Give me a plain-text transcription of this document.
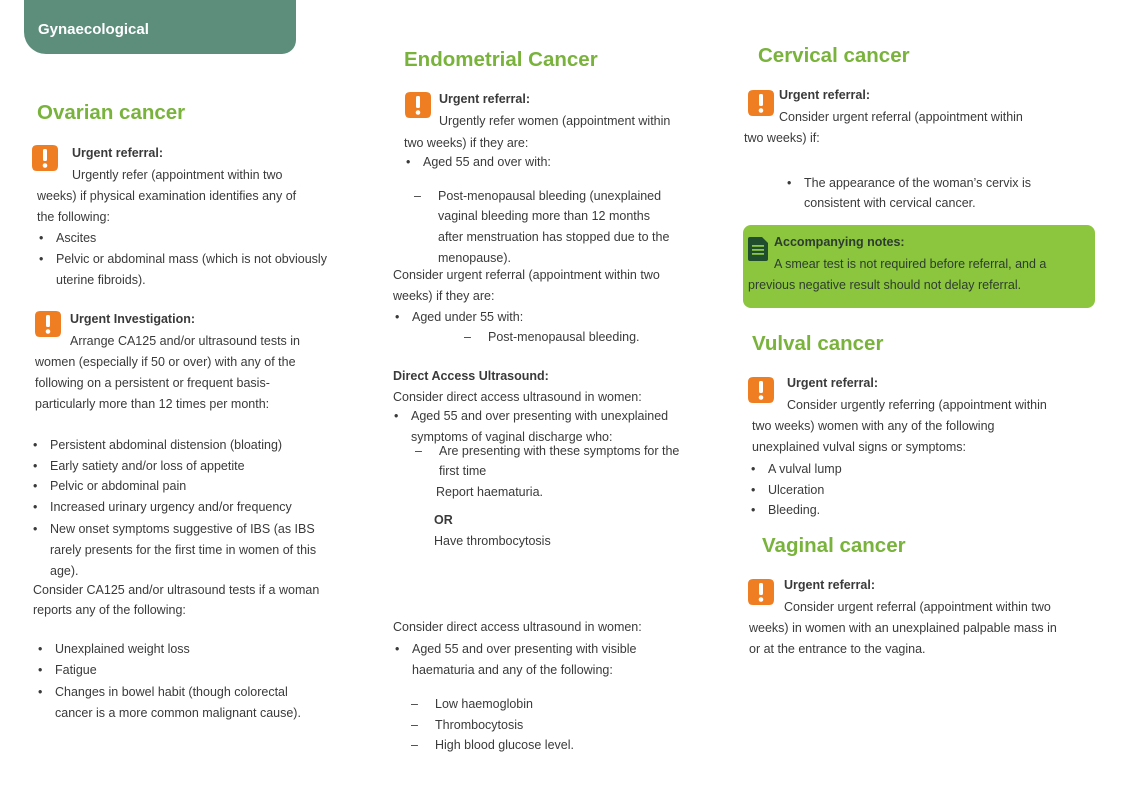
Gynaecological
Ovarian cancer
Urgent referral:
Urgently refer (appointment within two
weeks) if physical examination identifies any of
the following:
• Ascites
• Pelvic or abdominal mass (which is not obviously
uterine fibroids).
Urgent Investigation:
Arrange CA125 and/or ultrasound tests in
women (especially if 50 or over) with any of the
following on a persistent or frequent basis-
particularly more than 12 times per month:
• Persistent abdominal distension (bloating)
• Early satiety and/or loss of appetite
• Pelvic or abdominal pain
• Increased urinary urgency and/or frequency
• New onset symptoms suggestive of IBS (as IBS
rarely presents for the first time in women of this
age).
Consider CA125 and/or ultrasound tests if a woman
reports any of the following:
• Unexplained weight loss
• Fatigue
• Changes in bowel habit (though colorectal
cancer is a more common malignant cause).
Endometrial Cancer
Urgent referral:
Urgently refer women (appointment within
two weeks) if they are:
• Aged 55 and over with:
– Post-menopausal bleeding (unexplained
vaginal bleeding more than 12 months
after menstruation has stopped due to the
menopause).
Consider urgent referral (appointment within two
weeks) if they are:
• Aged under 55 with:
– Post-menopausal bleeding.
Direct Access Ultrasound:
Consider direct access ultrasound in women:
• Aged 55 and over presenting with unexplained
symptoms of vaginal discharge who:
– Are presenting with these symptoms for the
first time
Report haematuria.
OR
Have thrombocytosis
Consider direct access ultrasound in women:
• Aged 55 and over presenting with visible
haematuria and any of the following:
– Low haemoglobin
– Thrombocytosis
– High blood glucose level.
Cervical cancer
Urgent referral:
Consider urgent referral (appointment within
two weeks) if:
• The appearance of the woman’s cervix is
consistent with cervical cancer.
Accompanying notes:
A smear test is not required before referral, and a
previous negative result should not delay referral.
Vulval cancer
Urgent referral:
Consider urgently referring (appointment within
two weeks) women with any of the following
unexplained vulval signs or symptoms:
• A vulval lump
• Ulceration
• Bleeding.
Vaginal cancer
Urgent referral:
Consider urgent referral (appointment within two
weeks) in women with an unexplained palpable mass in
or at the entrance to the vagina.
